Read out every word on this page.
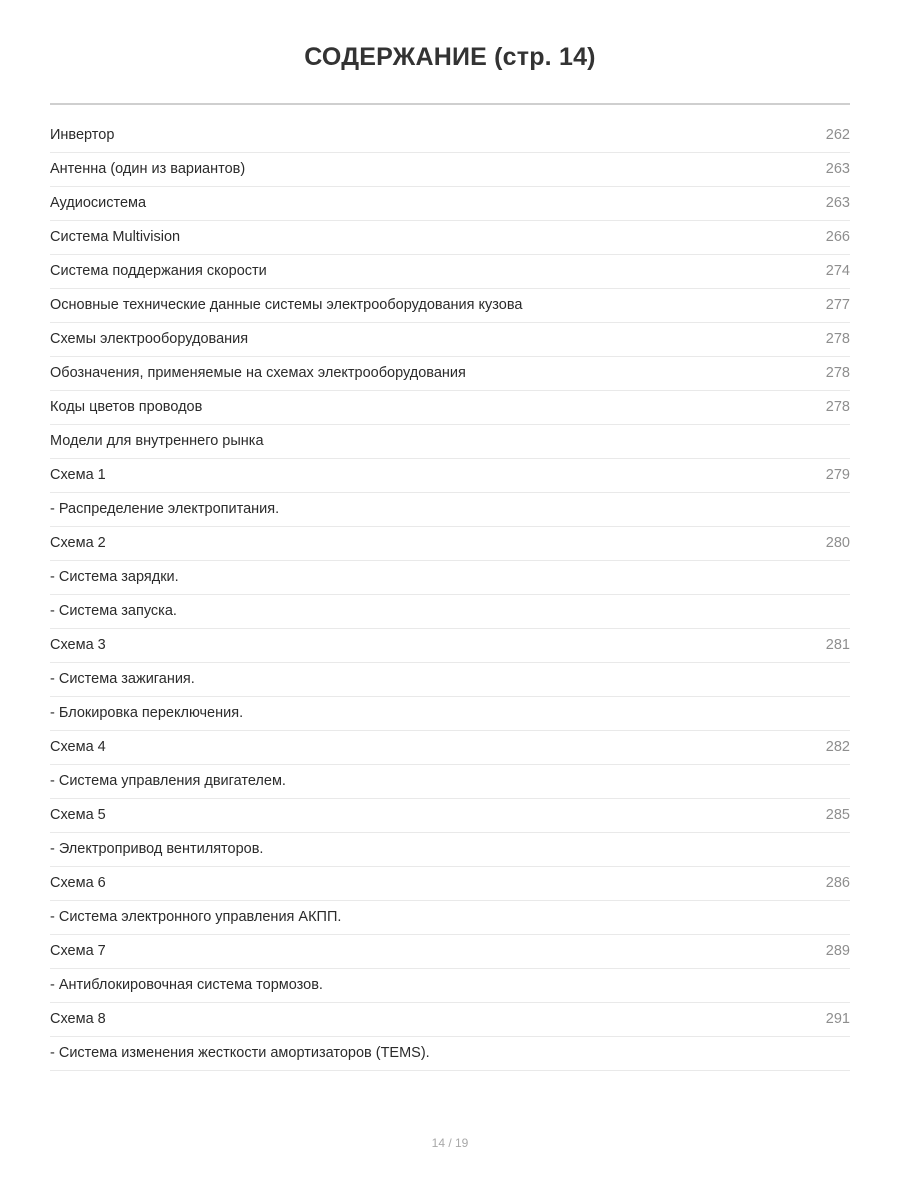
СОДЕРЖАНИЕ (стр. 14)
Инвертор	262
Антенна (один из вариантов)	263
Аудиосистема	263
Система Multivision	266
Система поддержания скорости	274
Основные технические данные системы электрооборудования кузова	277
Схемы электрооборудования	278
Обозначения, применяемые на схемах электрооборудования	278
Коды цветов проводов	278
Модели для внутреннего рынка
Схема 1	279
- Распределение электропитания.
Схема 2	280
- Система зарядки.
- Система запуска.
Схема 3	281
- Система зажигания.
- Блокировка переключения.
Схема 4	282
- Система управления двигателем.
Схема 5	285
- Электропривод вентиляторов.
Схема 6	286
- Система электронного управления АКПП.
Схема 7	289
- Антиблокировочная система тормозов.
Схема 8	291
- Система изменения жесткости амортизаторов (TEMS).
14 / 19
